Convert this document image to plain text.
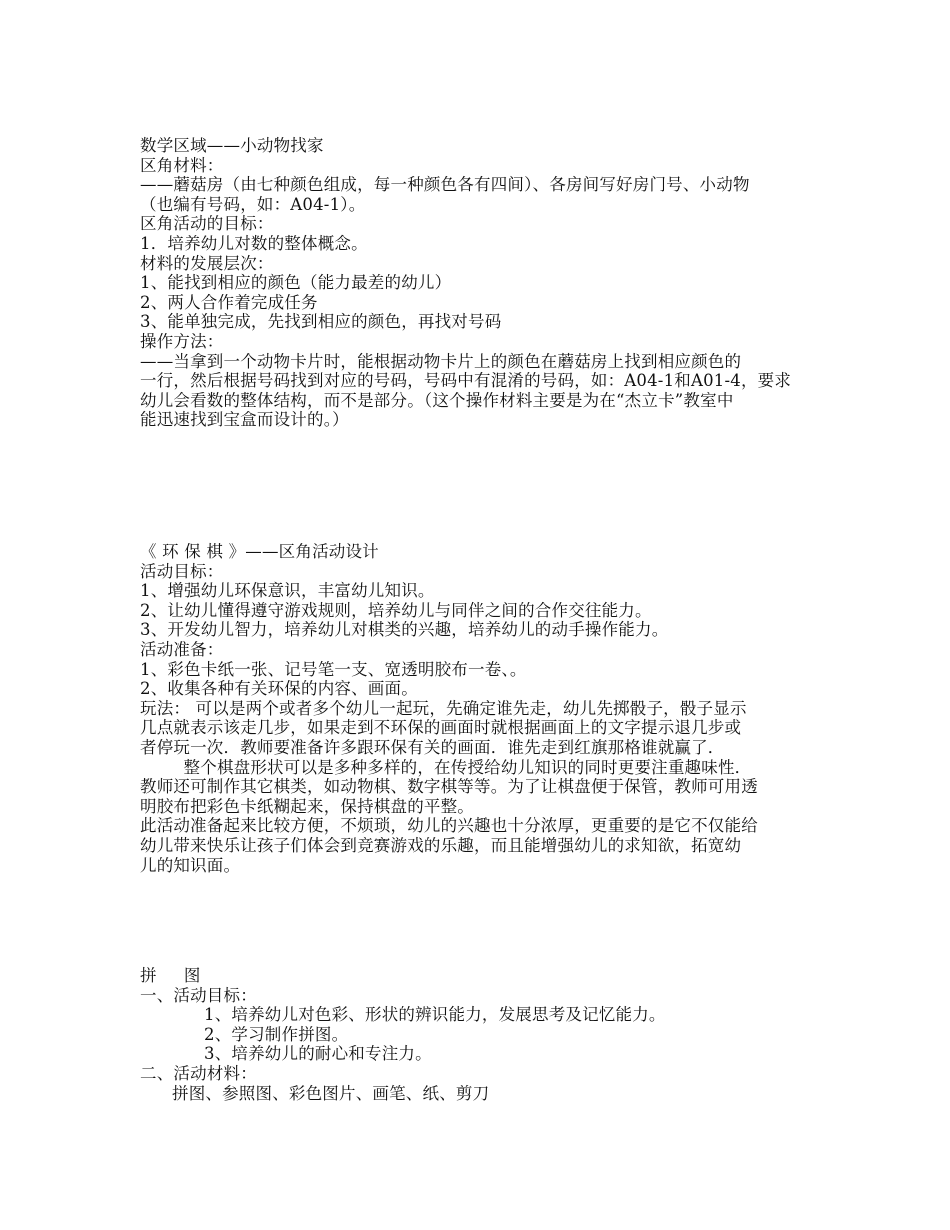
数学区域——小动物找家
区角材料：
——蘑菇房（由七种颜色组成，每一种颜色各有四间）、各房间写好房门号、小动物
（也编有号码，如：A04-1）。
区角活动的目标：
1．培养幼儿对数的整体概念。
材料的发展层次：
1、能找到相应的颜色（能力最差的幼儿）
2、两人合作着完成任务
3、能单独完成，先找到相应的颜色，再找对号码
操作方法：
——当拿到一个动物卡片时，能根据动物卡片上的颜色在蘑菇房上找到相应颜色的
一行，然后根据号码找到对应的号码，号码中有混淆的号码，如：A04-1和A01-4，要求
幼儿会看数的整体结构，而不是部分。（这个操作材料主要是为在“杰立卡”教室中
能迅速找到宝盒而设计的。）
《 环 保 棋 》——区角活动设计
活动目标：
1、增强幼儿环保意识，丰富幼儿知识。
2、让幼儿懂得遵守游戏规则，培养幼儿与同伴之间的合作交往能力。
3、开发幼儿智力，培养幼儿对棋类的兴趣，培养幼儿的动手操作能力。
活动准备：
1、彩色卡纸一张、记号笔一支、宽透明胶布一卷、。
2、收集各种有关环保的内容、画面。
玩法： 可以是两个或者多个幼儿一起玩，先确定谁先走，幼儿先掷骰子，骰子显示
几点就表示该走几步，如果走到不环保的画面时就根据画面上的文字提示退几步或
者停玩一次．教师要准备许多跟环保有关的画面．谁先走到红旗那格谁就赢了．
整个棋盘形状可以是多种多样的，在传授给幼儿知识的同时更要注重趣味性．
教师还可制作其它棋类，如动物棋、数字棋等等。为了让棋盘便于保管，教师可用透
明胶布把彩色卡纸糊起来，保持棋盘的平整。
此活动准备起来比较方便，不烦琐，幼儿的兴趣也十分浓厚，更重要的是它不仅能给
幼儿带来快乐让孩子们体会到竞赛游戏的乐趣，而且能增强幼儿的求知欲，拓宽幼
儿的知识面。
拼     图
一、活动目标：
1、培养幼儿对色彩、形状的辨识能力，发展思考及记忆能力。
2、学习制作拼图。
3、培养幼儿的耐心和专注力。
二、活动材料：
拼图、参照图、彩色图片、画笔、纸、剪刀
